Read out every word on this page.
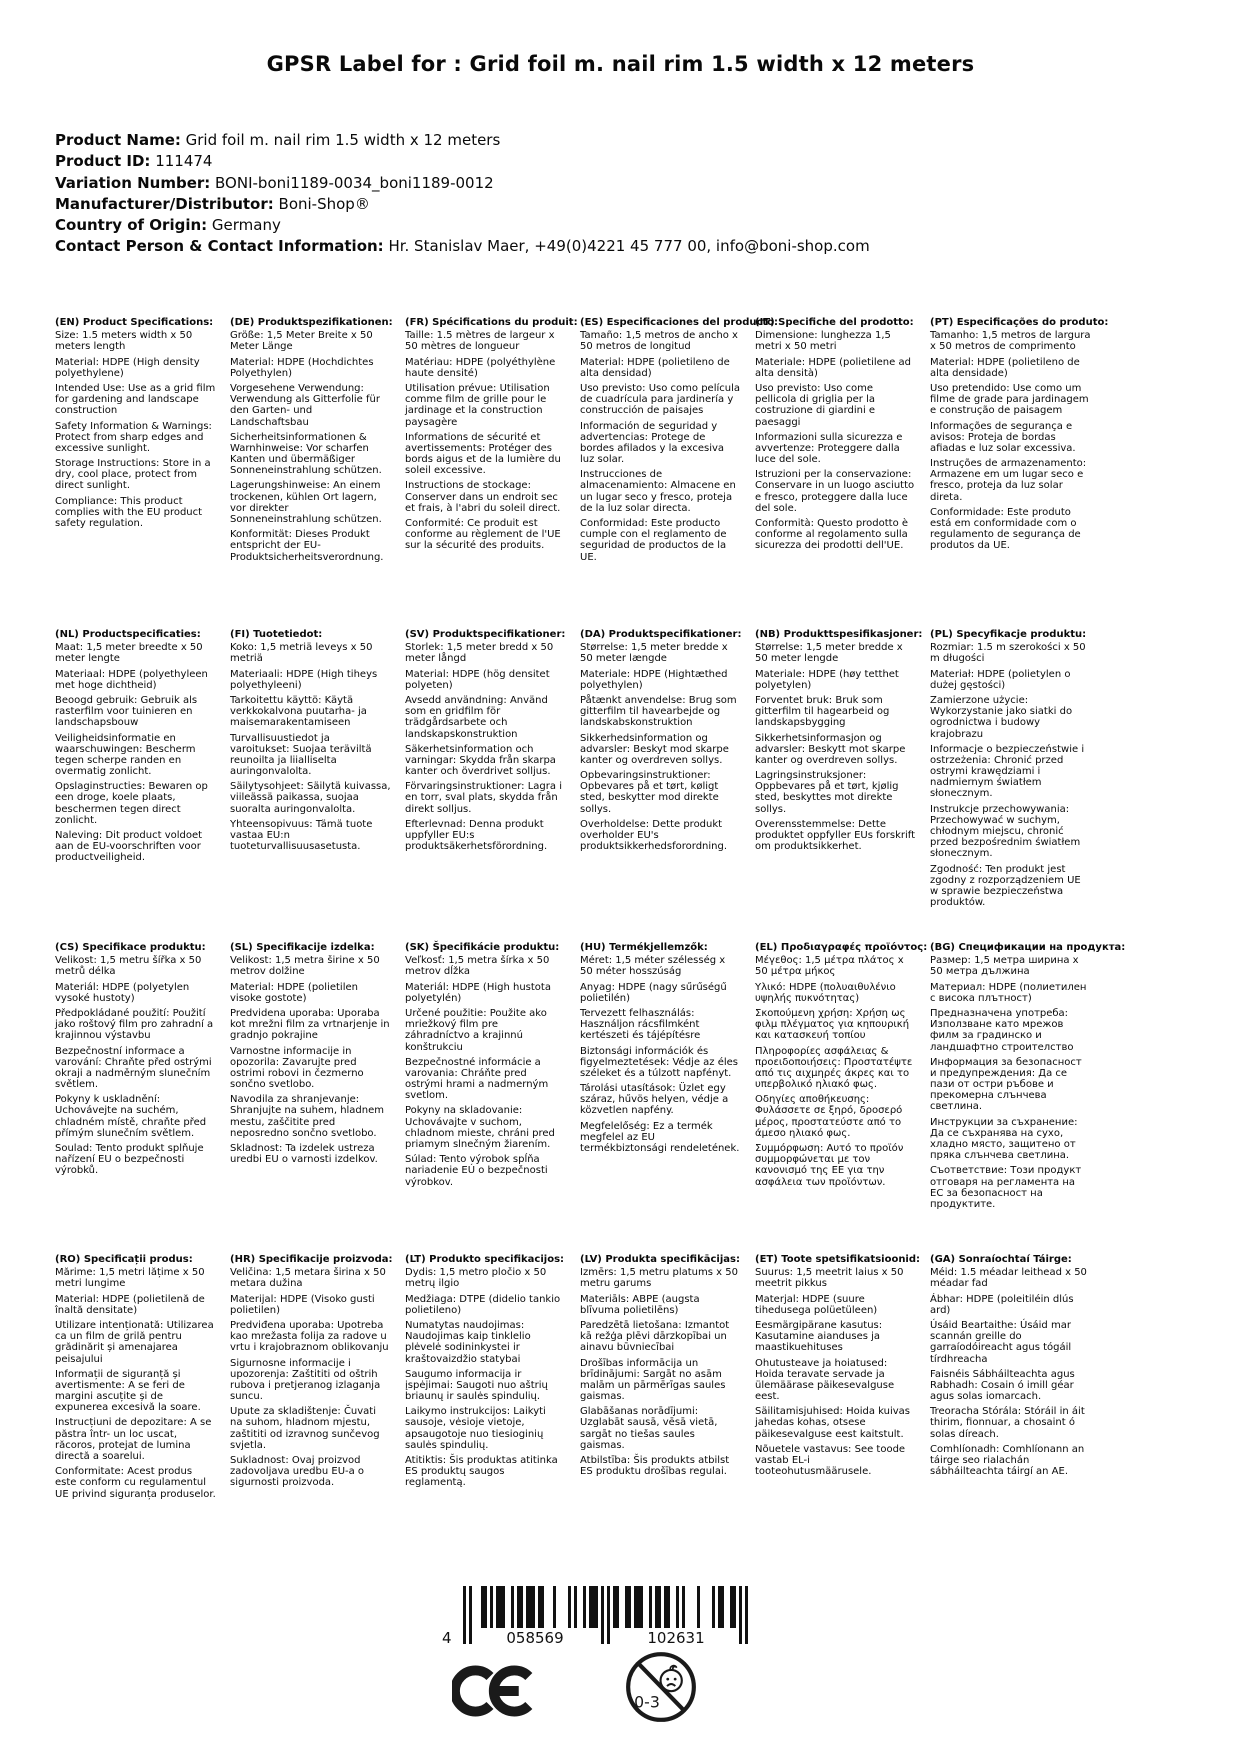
GPSR Label for : Grid foil m. nail rim 1.5 width x 12 meters
Product Name: Grid foil m. nail rim 1.5 width x 12 meters
Product ID: 111474
Variation Number: BONI-boni1189-0034_boni1189-0012
Manufacturer/Distributor: Boni-Shop®
Country of Origin: Germany
Contact Person & Contact Information: Hr. Stanislav Maer, +49(0)4221 45 777 00, info@boni-shop.com
(EN) Product Specifications:

Size: 1.5 meters width x 50 meters length

Material: HDPE (High density polyethylene)

Intended Use: Use as a grid film for gardening and landscape construction

Safety Information & Warnings: Protect from sharp edges and excessive sunlight.

Storage Instructions: Store in a dry, cool place, protect from direct sunlight.

Compliance: This product complies with the EU product safety regulation.

(DE) Produktspezifikationen:

Größe: 1,5 Meter Breite x 50 Meter Länge

Material: HDPE (Hochdichtes Polyethylen)

Vorgesehene Verwendung: Verwendung als Gitterfolie für den Garten- und Landschaftsbau

Sicherheitsinformationen & Warnhinweise: Vor scharfen Kanten und übermäßiger Sonneneinstrahlung schützen.

Lagerungshinweise: An einem trockenen, kühlen Ort lagern, vor direkter Sonneneinstrahlung schützen.

Konformität: Dieses Produkt entspricht der EU-Produktsicherheitsverordnung.

(FR) Spécifications du produit:

Taille: 1.5 mètres de largeur x 50 mètres de longueur

Matériau: HDPE (polyéthylène haute densité)

Utilisation prévue: Utilisation comme film de grille pour le jardinage et la construction paysagère

Informations de sécurité et avertissements: Protéger des bords aigus et de la lumière du soleil excessive.

Instructions de stockage: Conserver dans un endroit sec et frais, à l'abri du soleil direct.

Conformité: Ce produit est conforme au règlement de l'UE sur la sécurité des produits.

(ES) Especificaciones del producto:

Tamaño: 1,5 metros de ancho x 50 metros de longitud

Material: HDPE (polietileno de alta densidad)

Uso previsto: Uso como película de cuadrícula para jardinería y construcción de paisajes

Información de seguridad y advertencias: Protege de bordes afilados y la excesiva luz solar.

Instrucciones de almacenamiento: Almacene en un lugar seco y fresco, proteja de la luz solar directa.

Conformidad: Este producto cumple con el reglamento de seguridad de productos de la UE.

(IT) Specifiche del prodotto:

Dimensione: lunghezza 1,5 metri x 50 metri

Materiale: HDPE (polietilene ad alta densità)

Uso previsto: Uso come pellicola di griglia per la costruzione di giardini e paesaggi

Informazioni sulla sicurezza e avvertenze: Proteggere dalla luce del sole.

Istruzioni per la conservazione: Conservare in un luogo asciutto e fresco, proteggere dalla luce del sole.

Conformità: Questo prodotto è conforme al regolamento sulla sicurezza dei prodotti dell'UE.

(PT) Especificações do produto:

Tamanho: 1,5 metros de largura x 50 metros de comprimento

Material: HDPE (polietileno de alta densidade)

Uso pretendido: Use como um filme de grade para jardinagem e construção de paisagem

Informações de segurança e avisos: Proteja de bordas afiadas e luz solar excessiva.

Instruções de armazenamento: Armazene em um lugar seco e fresco, proteja da luz solar direta.

Conformidade: Este produto está em conformidade com o regulamento de segurança de produtos da UE.

(NL) Productspecificaties:

Maat: 1,5 meter breedte x 50 meter lengte

Materiaal: HDPE (polyethyleen met hoge dichtheid)

Beoogd gebruik: Gebruik als rasterfilm voor tuinieren en landschapsbouw

Veiligheidsinformatie en waarschuwingen: Bescherm tegen scherpe randen en overmatig zonlicht.

Opslaginstructies: Bewaren op een droge, koele plaats, beschermen tegen direct zonlicht.

Naleving: Dit product voldoet aan de EU-voorschriften voor productveiligheid.

(FI) Tuotetiedot:

Koko: 1,5 metriä leveys x 50 metriä

Materiaali: HDPE (High tiheys polyethyleeni)

Tarkoitettu käyttö: Käytä verkkokalvona puutarha- ja maisemarakentamiseen

Turvallisuustiedot ja varoitukset: Suojaa teräviltä reunoilta ja liialliselta auringonvalolta.

Säilytysohjeet: Säilytä kuivassa, viileässä paikassa, suojaa suoralta auringonvalolta.

Yhteensopivuus: Tämä tuote vastaa EU:n tuoteturvallisuusasetusta.

(SV) Produktspecifikationer:

Storlek: 1,5 meter bredd x 50 meter långd

Material: HDPE (hög densitet polyeten)

Avsedd användning: Använd som en gridfilm för trädgårdsarbete och landskapskonstruktion

Säkerhetsinformation och varningar: Skydda från skarpa kanter och överdrivet solljus.

Förvaringsinstruktioner: Lagra i en torr, sval plats, skydda från direkt solljus.

Efterlevnad: Denna produkt uppfyller EU:s produktsäkerhetsförordning.

(DA) Produktspecifikationer:

Størrelse: 1,5 meter bredde x 50 meter længde

Materiale: HDPE (Hightæthed polyethylen)

Påtænkt anvendelse: Brug som gitterfilm til havearbejde og landskabskonstruktion

Sikkerhedsinformation og advarsler: Beskyt mod skarpe kanter og overdreven sollys.

Opbevaringsinstruktioner: Opbevares på et tørt, køligt sted, beskytter mod direkte sollys.

Overholdelse: Dette produkt overholder EU's produktsikkerhedsforordning.

(NB) Produkttspesifikasjoner:

Størrelse: 1,5 meter bredde x 50 meter lengde

Materiale: HDPE (høy tetthet polyetylen)

Forventet bruk: Bruk som gitterfilm til hagearbeid og landskapsbygging

Sikkerhetsinformasjon og advarsler: Beskytt mot skarpe kanter og overdreven sollys.

Lagringsinstruksjoner: Oppbevares på et tørt, kjølig sted, beskyttes mot direkte sollys.

Overensstemmelse: Dette produktet oppfyller EUs forskrift om produktsikkerhet.

(PL) Specyfikacje produktu:

Rozmiar: 1.5 m szerokości x 50 m długości

Materiał: HDPE (polietylen o dużej gęstości)

Zamierzone użycie: Wykorzystanie jako siatki do ogrodnictwa i budowy krajobrazu

Informacje o bezpieczeństwie i ostrzeżenia: Chronić przed ostrymi krawędziami i nadmiernym światłem słonecznym.

Instrukcje przechowywania: Przechowywać w suchym, chłodnym miejscu, chronić przed bezpośrednim światłem słonecznym.

Zgodność: Ten produkt jest zgodny z rozporządzeniem UE w sprawie bezpieczeństwa produktów.

(CS) Specifikace produktu:

Velikost: 1,5 metru šířka x 50 metrů délka

Materiál: HDPE (polyetylen vysoké hustoty)

Předpokládané použití: Použití jako roštový film pro zahradní a krajinnou výstavbu

Bezpečnostní informace a varování: Chraňte před ostrými okraji a nadměrným slunečním světlem.

Pokyny k uskladnění: Uchovávejte na suchém, chladném místě, chraňte před přímým slunečním světlem.

Soulad: Tento produkt splňuje nařízení EU o bezpečnosti výrobků.

(SL) Specifikacije izdelka:

Velikost: 1,5 metra širine x 50 metrov dolžine

Material: HDPE (polietilen visoke gostote)

Predvidena uporaba: Uporaba kot mrežni film za vrtnarjenje in gradnjo pokrajine

Varnostne informacije in opozorila: Zavarujte pred ostrimi robovi in čezmerno sončno svetlobo.

Navodila za shranjevanje: Shranjujte na suhem, hladnem mestu, zaščitite pred neposredno sončno svetlobo.

Skladnost: Ta izdelek ustreza uredbi EU o varnosti izdelkov.

(SK) Špecifikácie produktu:

Veľkosť: 1,5 metra šírka x 50 metrov dĺžka

Materiál: HDPE (High hustota polyetylén)

Určené použitie: Použite ako mriežkový film pre záhradníctvo a krajinnú konštrukciu

Bezpečnostné informácie a varovania: Chráňte pred ostrými hrami a nadmerným svetlom.

Pokyny na skladovanie: Uchovávajte v suchom, chladnom mieste, chráni pred priamym slnečným žiarením.

Súlad: Tento výrobok spĺňa nariadenie EÚ o bezpečnosti výrobkov.

(HU) Termékjellemzők:

Méret: 1,5 méter szélesség x 50 méter hosszúság

Anyag: HDPE (nagy sűrűségű polietilén)

Tervezett felhasználás: Használjon rácsfilmként kertészeti és tájépítésre

Biztonsági információk és figyelmeztetések: Védje az éles széleket és a túlzott napfényt.

Tárolási utasítások: Üzlet egy száraz, hűvös helyen, védje a közvetlen napfény.

Megfelelőség: Ez a termék megfelel az EU termékbiztonsági rendeletének.

(EL) Προδιαγραφές προϊόντος:

Μέγεθος: 1,5 μέτρα πλάτος x 50 μέτρα μήκος

Υλικό: HDPE (πολυαιθυλένιο υψηλής πυκνότητας)

Σκοπούμενη χρήση: Χρήση ως φιλμ πλέγματος για κηπουρική και κατασκευή τοπίου

Πληροφορίες ασφάλειας & προειδοποιήσεις: Προστατέψτε από τις αιχμηρές άκρες και το υπερβολικό ηλιακό φως.

Οδηγίες αποθήκευσης: Φυλάσσετε σε ξηρό, δροσερό μέρος, προστατεύστε από το άμεσο ηλιακό φως.

Συμμόρφωση: Αυτό το προϊόν συμμορφώνεται με τον κανονισμό της ΕΕ για την ασφάλεια των προϊόντων.

(BG) Спецификации на продукта:

Размер: 1,5 метра ширина x 50 метра дължина

Материал: HDPE (полиетилен с висока плътност)

Предназначена употреба: Използване като мрежов филм за градинско и ландшафтно строителство

Информация за безопасност и предупреждения: Да се пази от остри ръбове и прекомерна слънчева светлина.

Инструкции за съхранение: Да се съхранява на сухо, хладно място, защитено от пряка слънчева светлина.

Съответствие: Този продукт отговаря на регламента на ЕС за безопасност на продуктите.

(RO) Specificații produs:

Mărime: 1,5 metri lățime x 50 metri lungime

Material: HDPE (polietilenă de înaltă densitate)

Utilizare intenționată: Utilizarea ca un film de grilă pentru grădinărit și amenajarea peisajului

Informații de siguranță și avertismente: A se feri de margini ascuțite și de expunerea excesivă la soare.

Instrucțiuni de depozitare: A se păstra într- un loc uscat, răcoros, protejat de lumina directă a soarelui.

Conformitate: Acest produs este conform cu regulamentul UE privind siguranța produselor.

(HR) Specifikacije proizvoda:

Veličina: 1,5 metara širina x 50 metara dužina

Materijal: HDPE (Visoko gusti polietilen)

Predviđena uporaba: Upotreba kao mrežasta folija za radove u vrtu i krajobraznom oblikovanju

Sigurnosne informacije i upozorenja: Zaštititi od oštrih rubova i pretjeranog izlaganja suncu.

Upute za skladištenje: Čuvati na suhom, hladnom mjestu, zaštititi od izravnog sunčevog svjetla.

Sukladnost: Ovaj proizvod zadovoljava uredbu EU-a o sigurnosti proizvoda.

(LT) Produkto specifikacijos:

Dydis: 1,5 metro pločio x 50 metrų ilgio

Medžiaga: DTPE (didelio tankio polietileno)

Numatytas naudojimas: Naudojimas kaip tinklelio plėvelė sodininkystei ir kraštovaizdžio statybai

Saugumo informacija ir įspėjimai: Saugoti nuo aštrių briaunų ir saulės spindulių.

Laikymo instrukcijos: Laikyti sausoje, vėsioje vietoje, apsaugotoje nuo tiesioginių saulės spindulių.

Atitiktis: Šis produktas atitinka ES produktų saugos reglamentą.

(LV) Produkta specifikācijas:

Izmērs: 1,5 metru platums x 50 metru garums

Materiāls: ABPE (augsta blīvuma polietilēns)

Paredzētā lietošana: Izmantot kā režģa plēvi dārzkopībai un ainavu būvniecībai

Drošības informācija un brīdinājumi: Sargāt no asām malām un pārmērīgas saules gaismas.

Glabāšanas norādījumi: Uzglabāt sausā, vēsā vietā, sargāt no tiešas saules gaismas.

Atbilstība: Šis produkts atbilst ES produktu drošības regulai.

(ET) Toote spetsifikatsioonid:

Suurus: 1,5 meetrit laius x 50 meetrit pikkus

Materjal: HDPE (suure tihedusega polüetüleen)

Eesmärgipärane kasutus: Kasutamine aianduses ja maastikuehituses

Ohutusteave ja hoiatused: Hoida teravate servade ja ülemäärase päikesevalguse eest.

Säilitamisjuhised: Hoida kuivas jahedas kohas, otsese päikesevalguse eest kaitstult.

Nõuetele vastavus: See toode vastab EL-i tooteohutusmäärusele.

(GA) Sonraíochtaí Táirge:

Méid: 1.5 méadar leithead x 50 méadar fad

Ábhar: HDPE (poleitiléin dlús ard)

Úsáid Beartaithe: Úsáid mar scannán greille do garraíodóireacht agus tógáil tírdhreacha

Faisnéis Sábháilteachta agus Rabhadh: Cosain ó imill géar agus solas iomarcach.

Treoracha Stórála: Stóráil in áit thirim, fionnuar, a chosaint ó solas díreach.

Comhlíonadh: Comhlíonann an táirge seo rialachán sábháilteachta táirgí an AE.

4	058569	102631
0-3
